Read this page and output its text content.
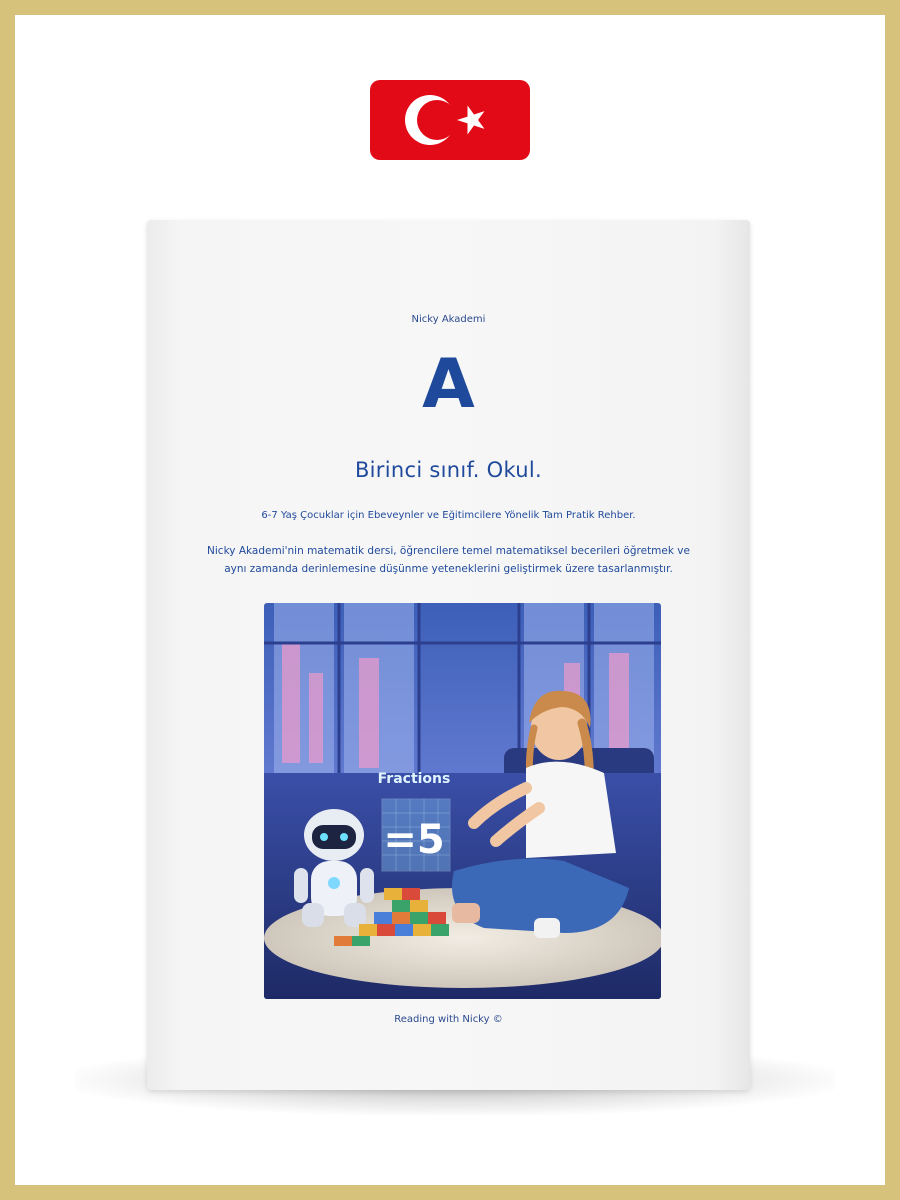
Nicky Akademi
A
Birinci sınıf. Okul.
6-7 Yaş Çocuklar için Ebeveynler ve Eğitimcilere Yönelik Tam Pratik Rehber.
Nicky Akademi'nin matematik dersi, öğrencilere temel matematiksel becerileri öğretmek ve aynı zamanda derinlemesine düşünme yeteneklerini geliştirmek üzere tasarlanmıştır.
Fractions
=5
Reading with Nicky ©
